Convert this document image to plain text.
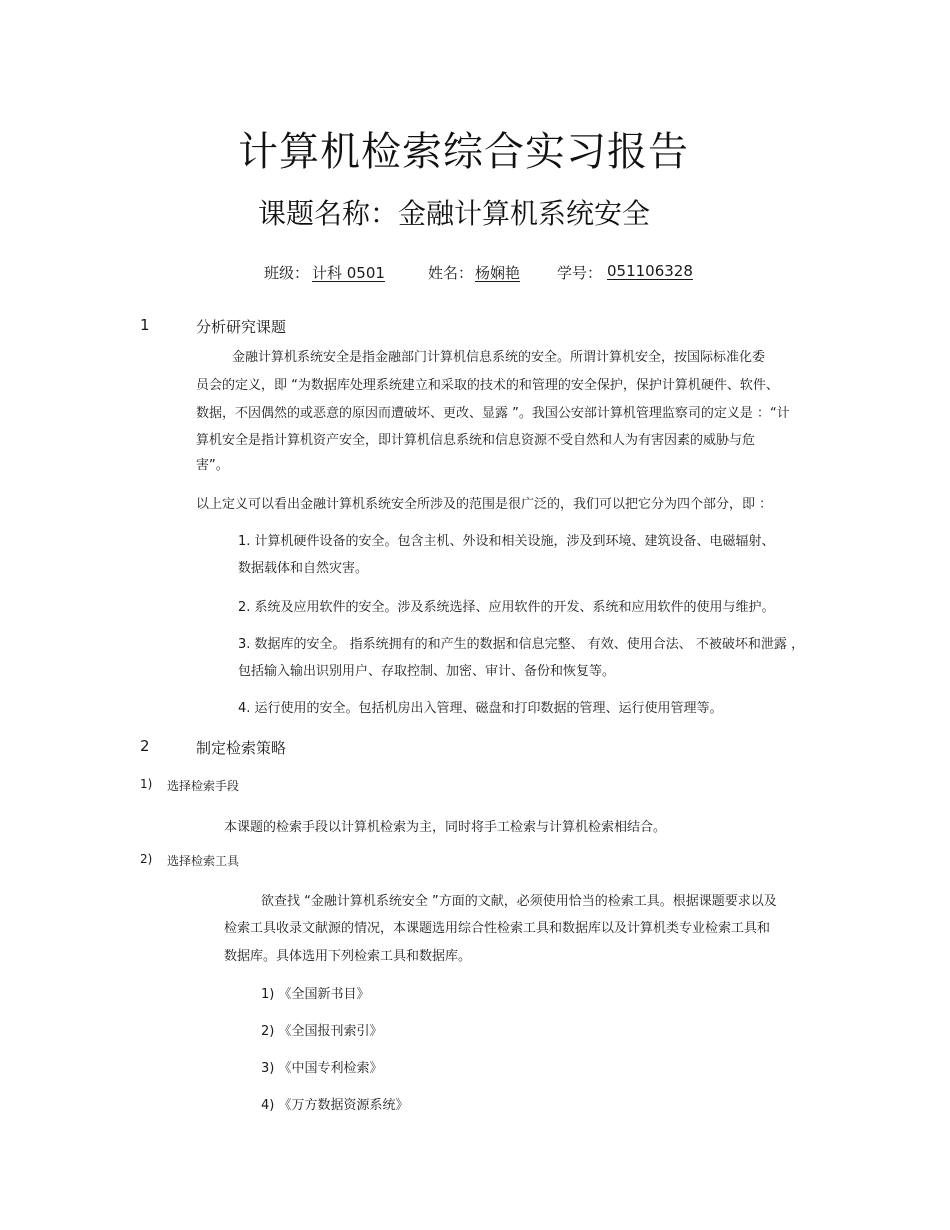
计算机检索综合实习报告
课题名称：金融计算机系统安全
班级： 计科 0501	姓名： 杨娴艳 学号： 051106328
1	分析研究课题
金融计算机系统安全是指金融部门计算机信息系统的安全。所谓计算机安全，按国际标准化委
员会的定义，即 “为数据库处理系统建立和采取的技术的和管理的安全保护，保护计算机硬件、软件、
数据，不因偶然的或恶意的原因而遭破坏、更改、显露 ”。我国公安部计算机管理监察司的定义是 ：“计
算机安全是指计算机资产安全，即计算机信息系统和信息资源不受自然和人为有害因素的威胁与危
害”。
以上定义可以看出金融计算机系统安全所涉及的范围是很广泛的，我们可以把它分为四个部分，即 ：
1. 计算机硬件设备的安全。包含主机、外设和相关设施，涉及到环境、建筑设备、电磁辐射、
数据载体和自然灾害。
2. 系统及应用软件的安全。涉及系统选择、应用软件的开发、系统和应用软件的使用与维护。
3. 数据库的安全。 指系统拥有的和产生的数据和信息完整、 有效、使用合法、 不被破坏和泄露 ，
包括输入输出识别用户、存取控制、加密、审计、备份和恢复等。
4. 运行使用的安全。包括机房出入管理、磁盘和打印数据的管理、运行使用管理等。
2	制定检索策略
1) 选择检索手段
本课题的检索手段以计算机检索为主，同时将手工检索与计算机检索相结合。
2) 选择检索工具
欲查找 “金融计算机系统安全 ”方面的文献，必须使用恰当的检索工具。根据课题要求以及
检索工具收录文献源的情况，本课题选用综合性检索工具和数据库以及计算机类专业检索工具和
数据库。具体选用下列检索工具和数据库。
1) 《全国新书目》
2) 《全国报刊索引》
3) 《中国专利检索》
4) 《万方数据资源系统》
